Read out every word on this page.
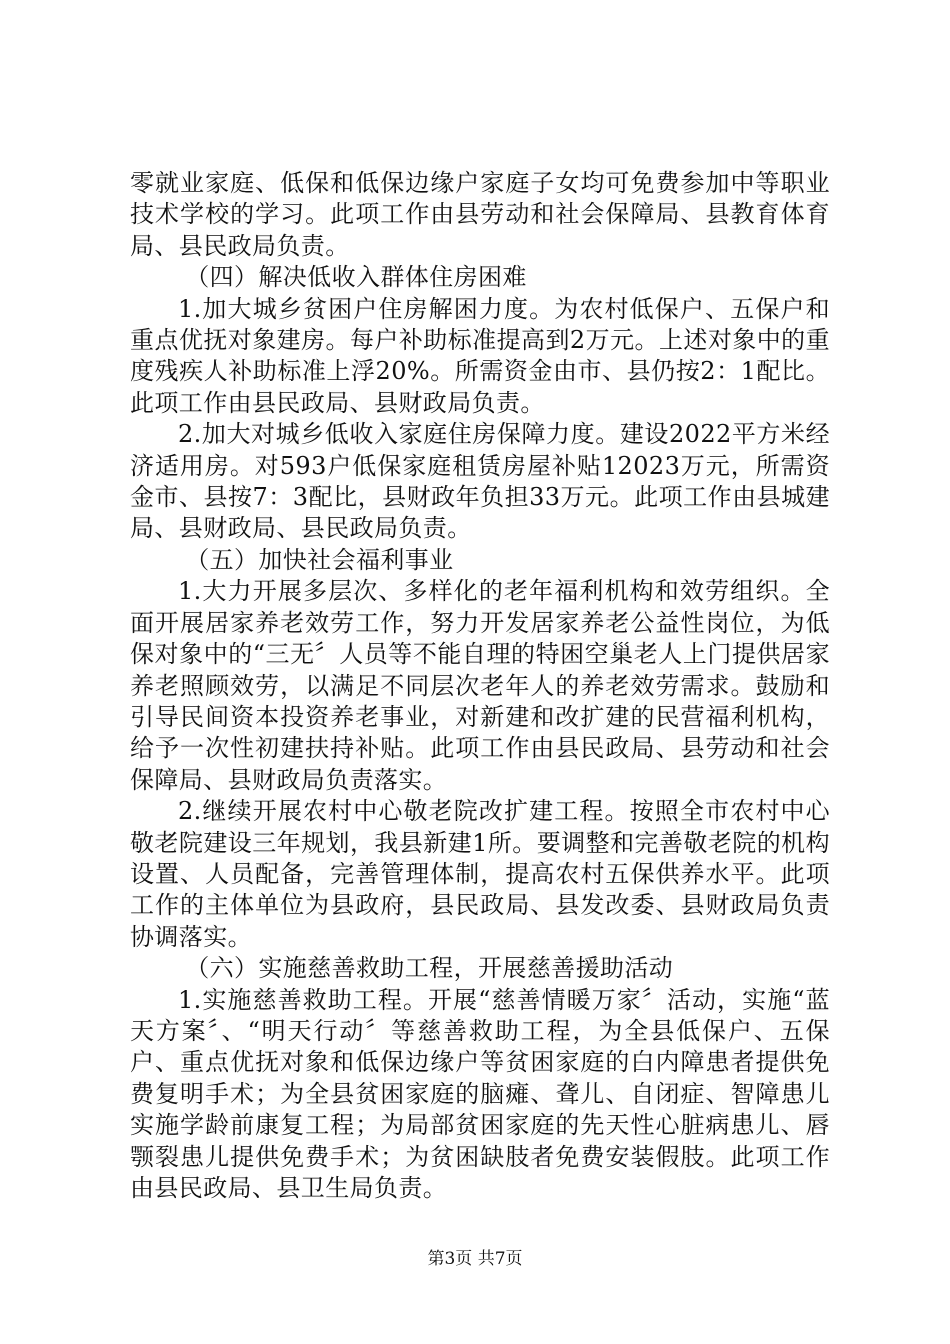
零就业家庭、低保和低保边缘户家庭子女均可免费参加中等职业技术学校的学习。此项工作由县劳动和社会保障局、县教育体育局、县民政局负责。

（四）解决低收入群体住房困难

1.加大城乡贫困户住房解困力度。为农村低保户、五保户和重点优抚对象建房。每户补助标准提高到2万元。上述对象中的重度残疾人补助标准上浮20%。所需资金由市、县仍按2：1配比。此项工作由县民政局、县财政局负责。

2.加大对城乡低收入家庭住房保障力度。建设2022平方米经济适用房。对593户低保家庭租赁房屋补贴12023万元，所需资金市、县按7：3配比，县财政年负担33万元。此项工作由县城建局、县财政局、县民政局负责。

（五）加快社会福利事业

1.大力开展多层次、多样化的老年福利机构和效劳组织。全面开展居家养老效劳工作，努力开发居家养老公益性岗位，为低保对象中的“三无〞人员等不能自理的特困空巢老人上门提供居家养老照顾效劳，以满足不同层次老年人的养老效劳需求。鼓励和引导民间资本投资养老事业，对新建和改扩建的民营福利机构，给予一次性初建扶持补贴。此项工作由县民政局、县劳动和社会保障局、县财政局负责落实。

2.继续开展农村中心敬老院改扩建工程。按照全市农村中心敬老院建设三年规划，我县新建1所。要调整和完善敬老院的机构设置、人员配备，完善管理体制，提高农村五保供养水平。此项工作的主体单位为县政府，县民政局、县发改委、县财政局负责协调落实。

（六）实施慈善救助工程，开展慈善援助活动

1.实施慈善救助工程。开展“慈善情暖万家〞活动，实施“蓝天方案〞、“明天行动〞等慈善救助工程，为全县低保户、五保户、重点优抚对象和低保边缘户等贫困家庭的白内障患者提供免费复明手术；为全县贫困家庭的脑瘫、聋儿、自闭症、智障患儿实施学龄前康复工程；为局部贫困家庭的先天性心脏病患儿、唇颚裂患儿提供免费手术；为贫困缺肢者免费安装假肢。此项工作由县民政局、县卫生局负责。

第3页 共7页
